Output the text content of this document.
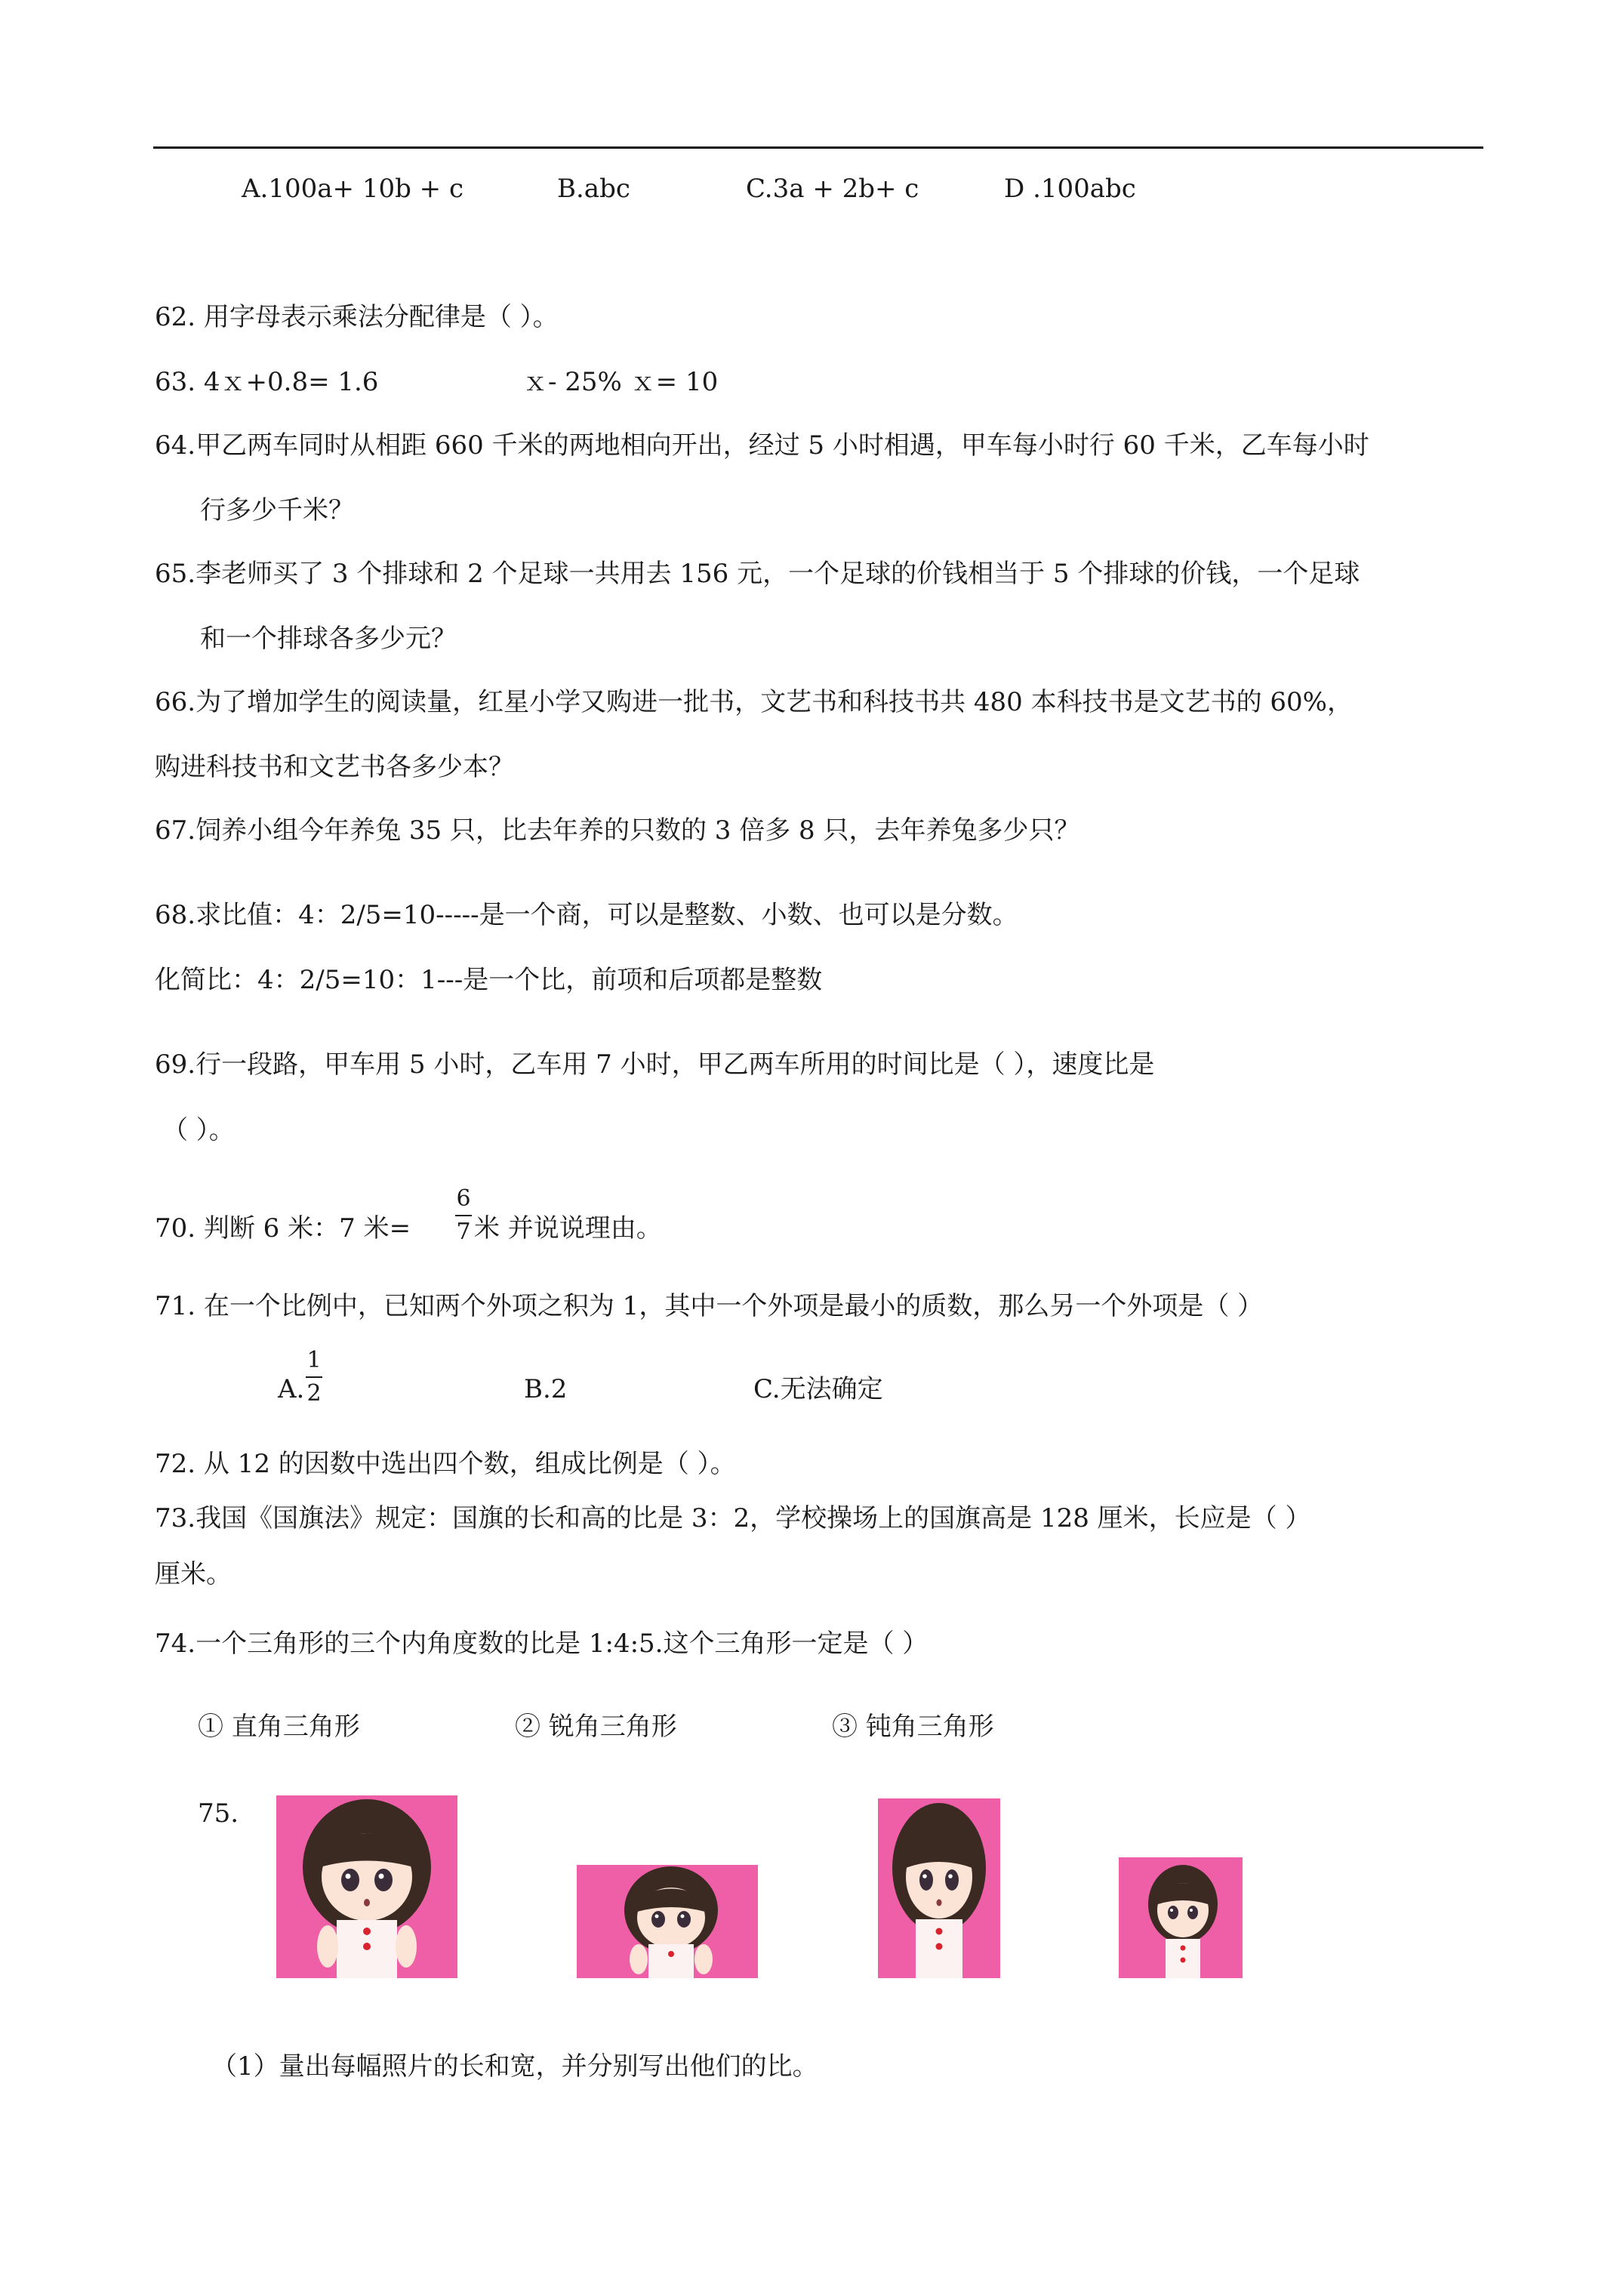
A.100a+ 10b + c	B.abc	C.3a + 2b+ c	D .100abc
62. 用字母表示乘法分配律是（ ）。
63. 4ｘ+0.8= 1.6	ｘ- 25% ｘ= 10
64.甲乙两车同时从相距 660 千米的两地相向开出，经过 5 小时相遇，甲车每小时行 60 千米，乙车每小时
行多少千米？
65.李老师买了 3 个排球和 2 个足球一共用去 156 元，一个足球的价钱相当于 5 个排球的价钱，一个足球
和一个排球各多少元？
66.为了增加学生的阅读量，红星小学又购进一批书，文艺书和科技书共 480 本科技书是文艺书的 60%，
购进科技书和文艺书各多少本？
67.饲养小组今年养兔 35 只，比去年养的只数的 3 倍多 8 只，去年养兔多少只？
68.求比值：4：2/5=10-----是一个商，可以是整数、小数、也可以是分数。
化简比：4：2/5=10：1---是一个比，前项和后项都是整数
69.行一段路，甲车用 5 小时，乙车用 7 小时，甲乙两车所用的时间比是（ ），速度比是
（ ）。
70. 判断 6 米：7 米=
6
7 米 并说说理由。
71. 在一个比例中，已知两个外项之积为 1，其中一个外项是最小的质数，那么另一个外项是（ ）
A.
1
2	B.2	C.无法确定
72. 从 12 的因数中选出四个数，组成比例是（ ）。
73.我国《国旗法》规定：国旗的长和高的比是 3：2，学校操场上的国旗高是 128 厘米，长应是（ ）
厘米。
74.一个三角形的三个内角度数的比是 1:4:5.这个三角形一定是（ ）
① 直角三角形	② 锐角三角形	③ 钝角三角形
75.
（1）量出每幅照片的长和宽，并分别写出他们的比。
